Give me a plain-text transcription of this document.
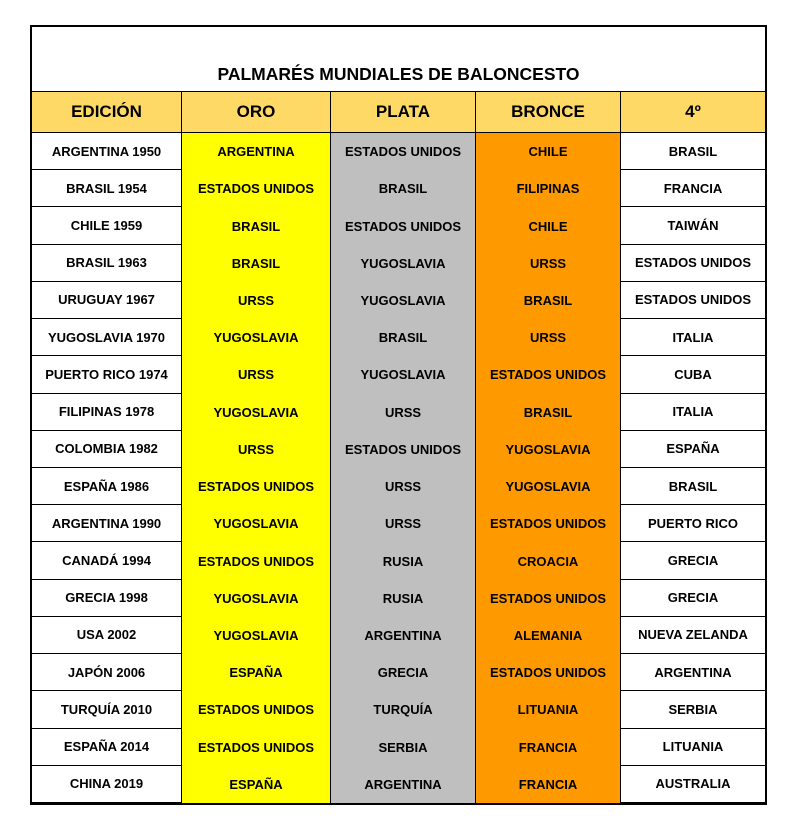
PALMARÉS MUNDIALES DE BALONCESTO
EDICIÓN	ORO	PLATA	BRONCE	4º
ARGENTINA 1950	ARGENTINA	ESTADOS UNIDOS	CHILE	BRASIL
BRASIL 1954	ESTADOS UNIDOS	BRASIL	FILIPINAS	FRANCIA
CHILE 1959	BRASIL	ESTADOS UNIDOS	CHILE	TAIWÁN
BRASIL 1963	BRASIL	YUGOSLAVIA	URSS	ESTADOS UNIDOS
URUGUAY 1967	URSS	YUGOSLAVIA	BRASIL	ESTADOS UNIDOS
YUGOSLAVIA 1970	YUGOSLAVIA	BRASIL	URSS	ITALIA
PUERTO RICO 1974	URSS	YUGOSLAVIA	ESTADOS UNIDOS	CUBA
FILIPINAS 1978	YUGOSLAVIA	URSS	BRASIL	ITALIA
COLOMBIA 1982	URSS	ESTADOS UNIDOS	YUGOSLAVIA	ESPAÑA
ESPAÑA 1986	ESTADOS UNIDOS	URSS	YUGOSLAVIA	BRASIL
ARGENTINA 1990	YUGOSLAVIA	URSS	ESTADOS UNIDOS	PUERTO RICO
CANADÁ 1994	ESTADOS UNIDOS	RUSIA	CROACIA	GRECIA
GRECIA 1998	YUGOSLAVIA	RUSIA	ESTADOS UNIDOS	GRECIA
USA 2002	YUGOSLAVIA	ARGENTINA	ALEMANIA	NUEVA ZELANDA
JAPÓN 2006	ESPAÑA	GRECIA	ESTADOS UNIDOS	ARGENTINA
TURQUÍA 2010	ESTADOS UNIDOS	TURQUÍA	LITUANIA	SERBIA
ESPAÑA 2014	ESTADOS UNIDOS	SERBIA	FRANCIA	LITUANIA
CHINA 2019	ESPAÑA	ARGENTINA	FRANCIA	AUSTRALIA
